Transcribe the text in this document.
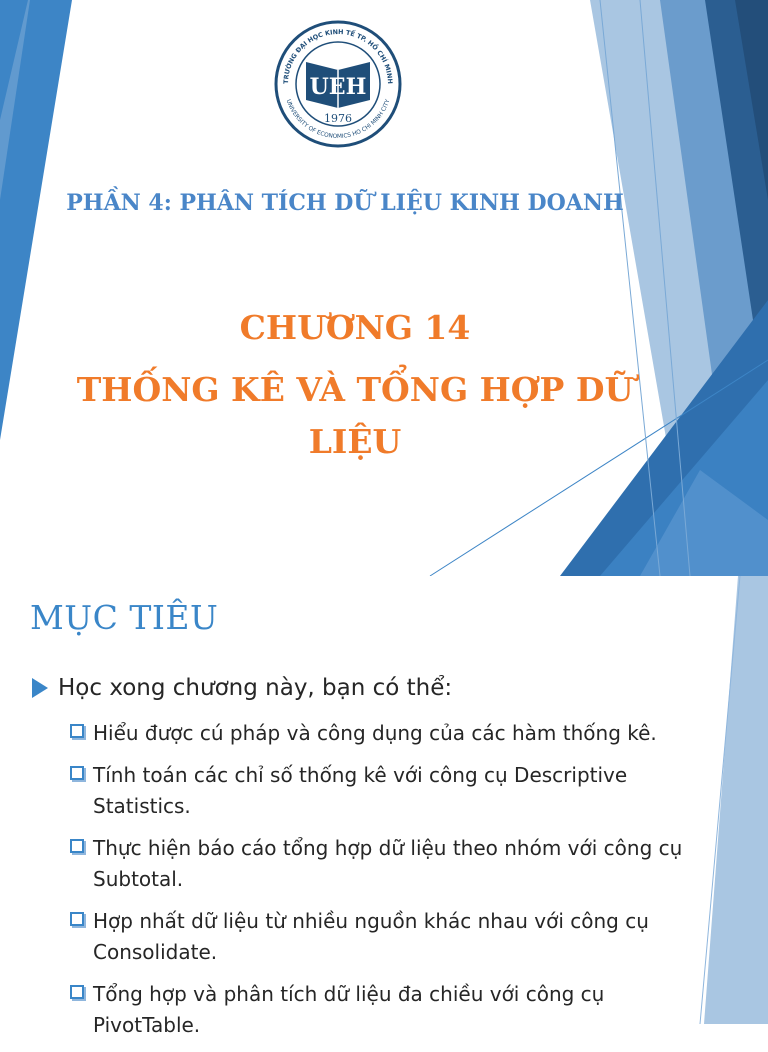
TRƯỜNG ĐẠI HỌC KINH TẾ TP. HỒ CHÍ MINH
UNIVERSITY OF ECONOMICS HO CHI MINH CITY
UEH
1976
PHẦN 4: PHÂN TÍCH DỮ LIỆU KINH DOANH
CHƯƠNG 14
THỐNG KÊ VÀ TỔNG HỢP DỮ LIỆU
MỤC TIÊU
Học xong chương này, bạn có thể:
Hiểu được cú pháp và công dụng của các hàm thống kê.
Tính toán các chỉ số thống kê với công cụ Descriptive Statistics.
Thực hiện báo cáo tổng hợp dữ liệu theo nhóm với công cụ Subtotal.
Hợp nhất dữ liệu từ nhiều nguồn khác nhau với công cụ Consolidate.
Tổng hợp và phân tích dữ liệu đa chiều với công cụ PivotTable.
